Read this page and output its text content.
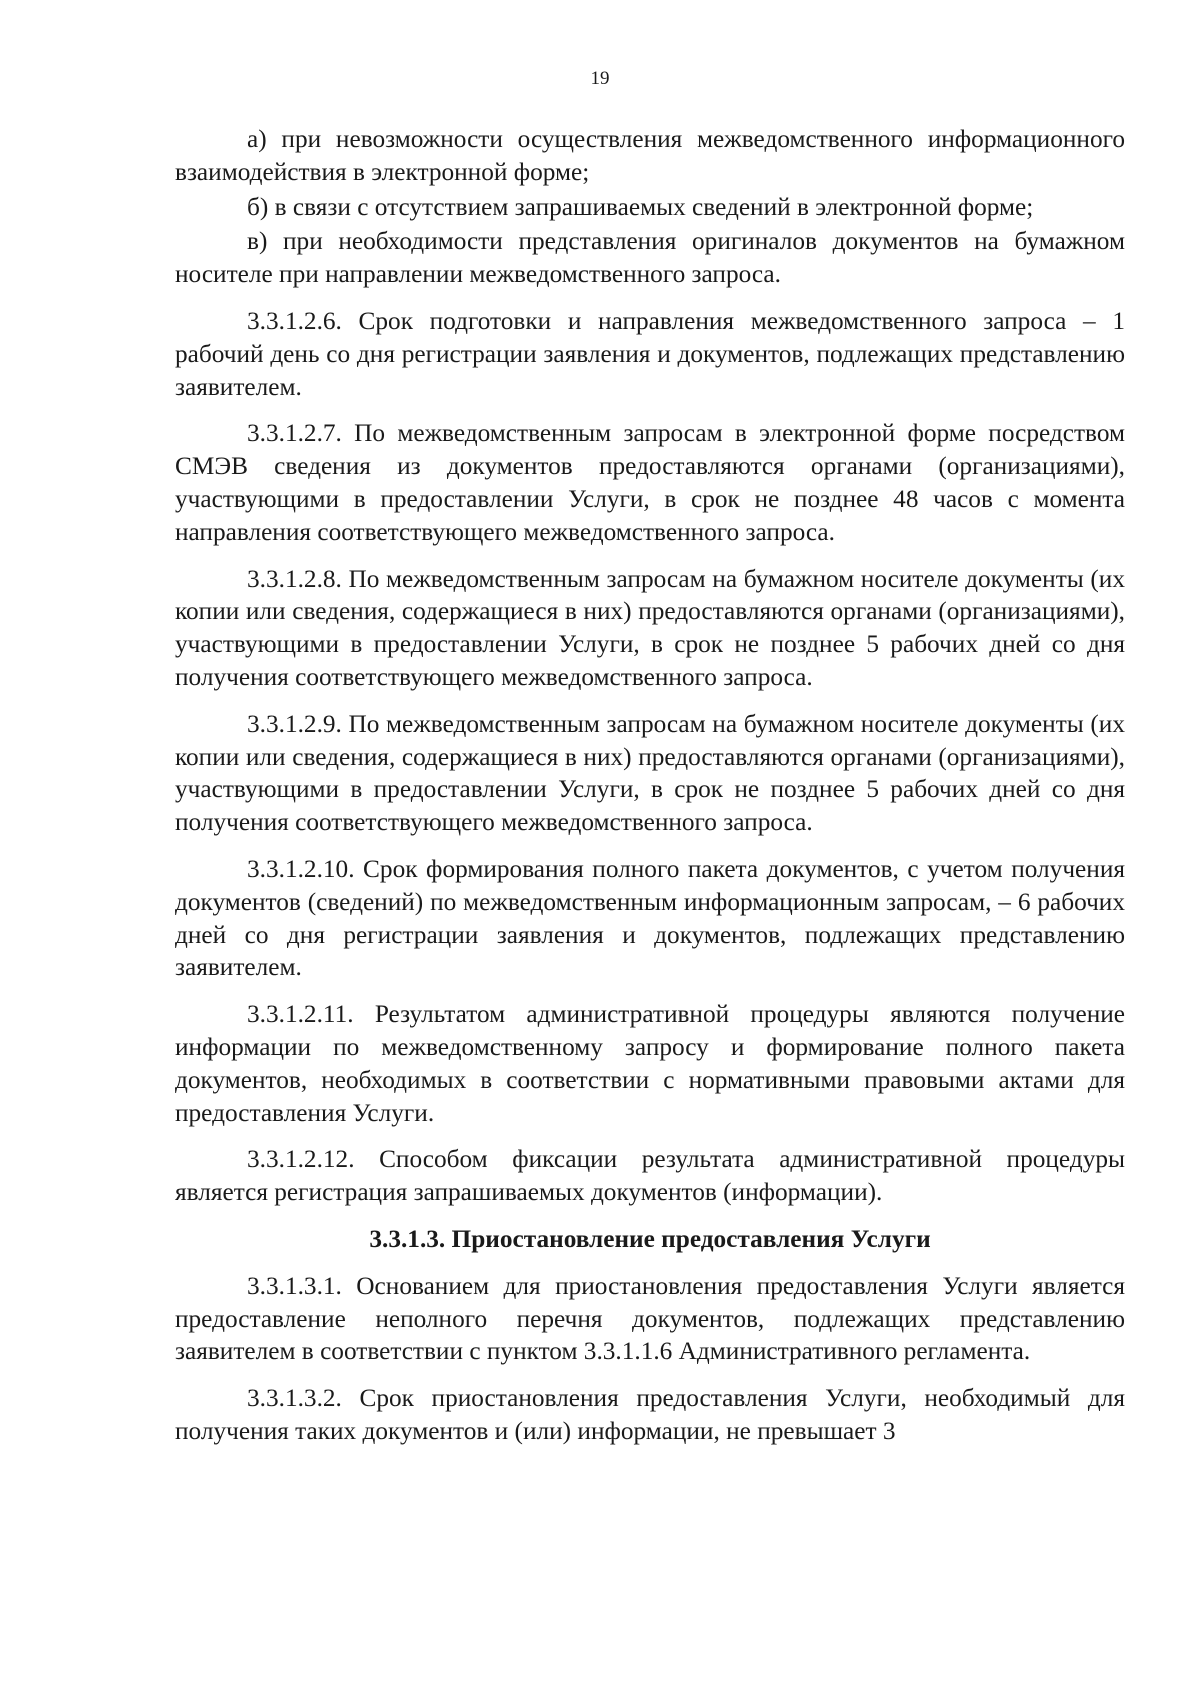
19

а) при невозможности осуществления межведомственного информационного взаимодействия в электронной форме;

б) в связи с отсутствием запрашиваемых сведений в электронной форме;

в) при необходимости представления оригиналов документов на бумажном носителе при направлении межведомственного запроса.

3.3.1.2.6. Срок подготовки и направления межведомственного запроса – 1 рабочий день со дня регистрации заявления и документов, подлежащих представлению заявителем.

3.3.1.2.7. По межведомственным запросам в электронной форме посредством СМЭВ сведения из документов предоставляются органами (организациями), участвующими в предоставлении Услуги, в срок не позднее 48 часов с момента направления соответствующего межведомственного запроса.

3.3.1.2.8. По межведомственным запросам на бумажном носителе документы (их копии или сведения, содержащиеся в них) предоставляются органами (организациями), участвующими в предоставлении Услуги, в срок не позднее 5 рабочих дней со дня получения соответствующего межведомственного запроса.

3.3.1.2.9. По межведомственным запросам на бумажном носителе документы (их копии или сведения, содержащиеся в них) предоставляются органами (организациями), участвующими в предоставлении Услуги, в срок не позднее 5 рабочих дней со дня получения соответствующего межведомственного запроса.

3.3.1.2.10. Срок формирования полного пакета документов, с учетом получения документов (сведений) по межведомственным информационным запросам, – 6 рабочих дней со дня регистрации заявления и документов, подлежащих представлению заявителем.

3.3.1.2.11. Результатом административной процедуры являются получение информации по межведомственному запросу и формирование полного пакета документов, необходимых в соответствии с нормативными правовыми актами для предоставления Услуги.

3.3.1.2.12. Способом фиксации результата административной процедуры является регистрация запрашиваемых документов (информации).

3.3.1.3. Приостановление предоставления Услуги

3.3.1.3.1. Основанием для приостановления предоставления Услуги является предоставление неполного перечня документов, подлежащих представлению заявителем в соответствии с пунктом 3.3.1.1.6 Административного регламента.

3.3.1.3.2. Срок приостановления предоставления Услуги, необходимый для получения таких документов и (или) информации, не превышает 3
